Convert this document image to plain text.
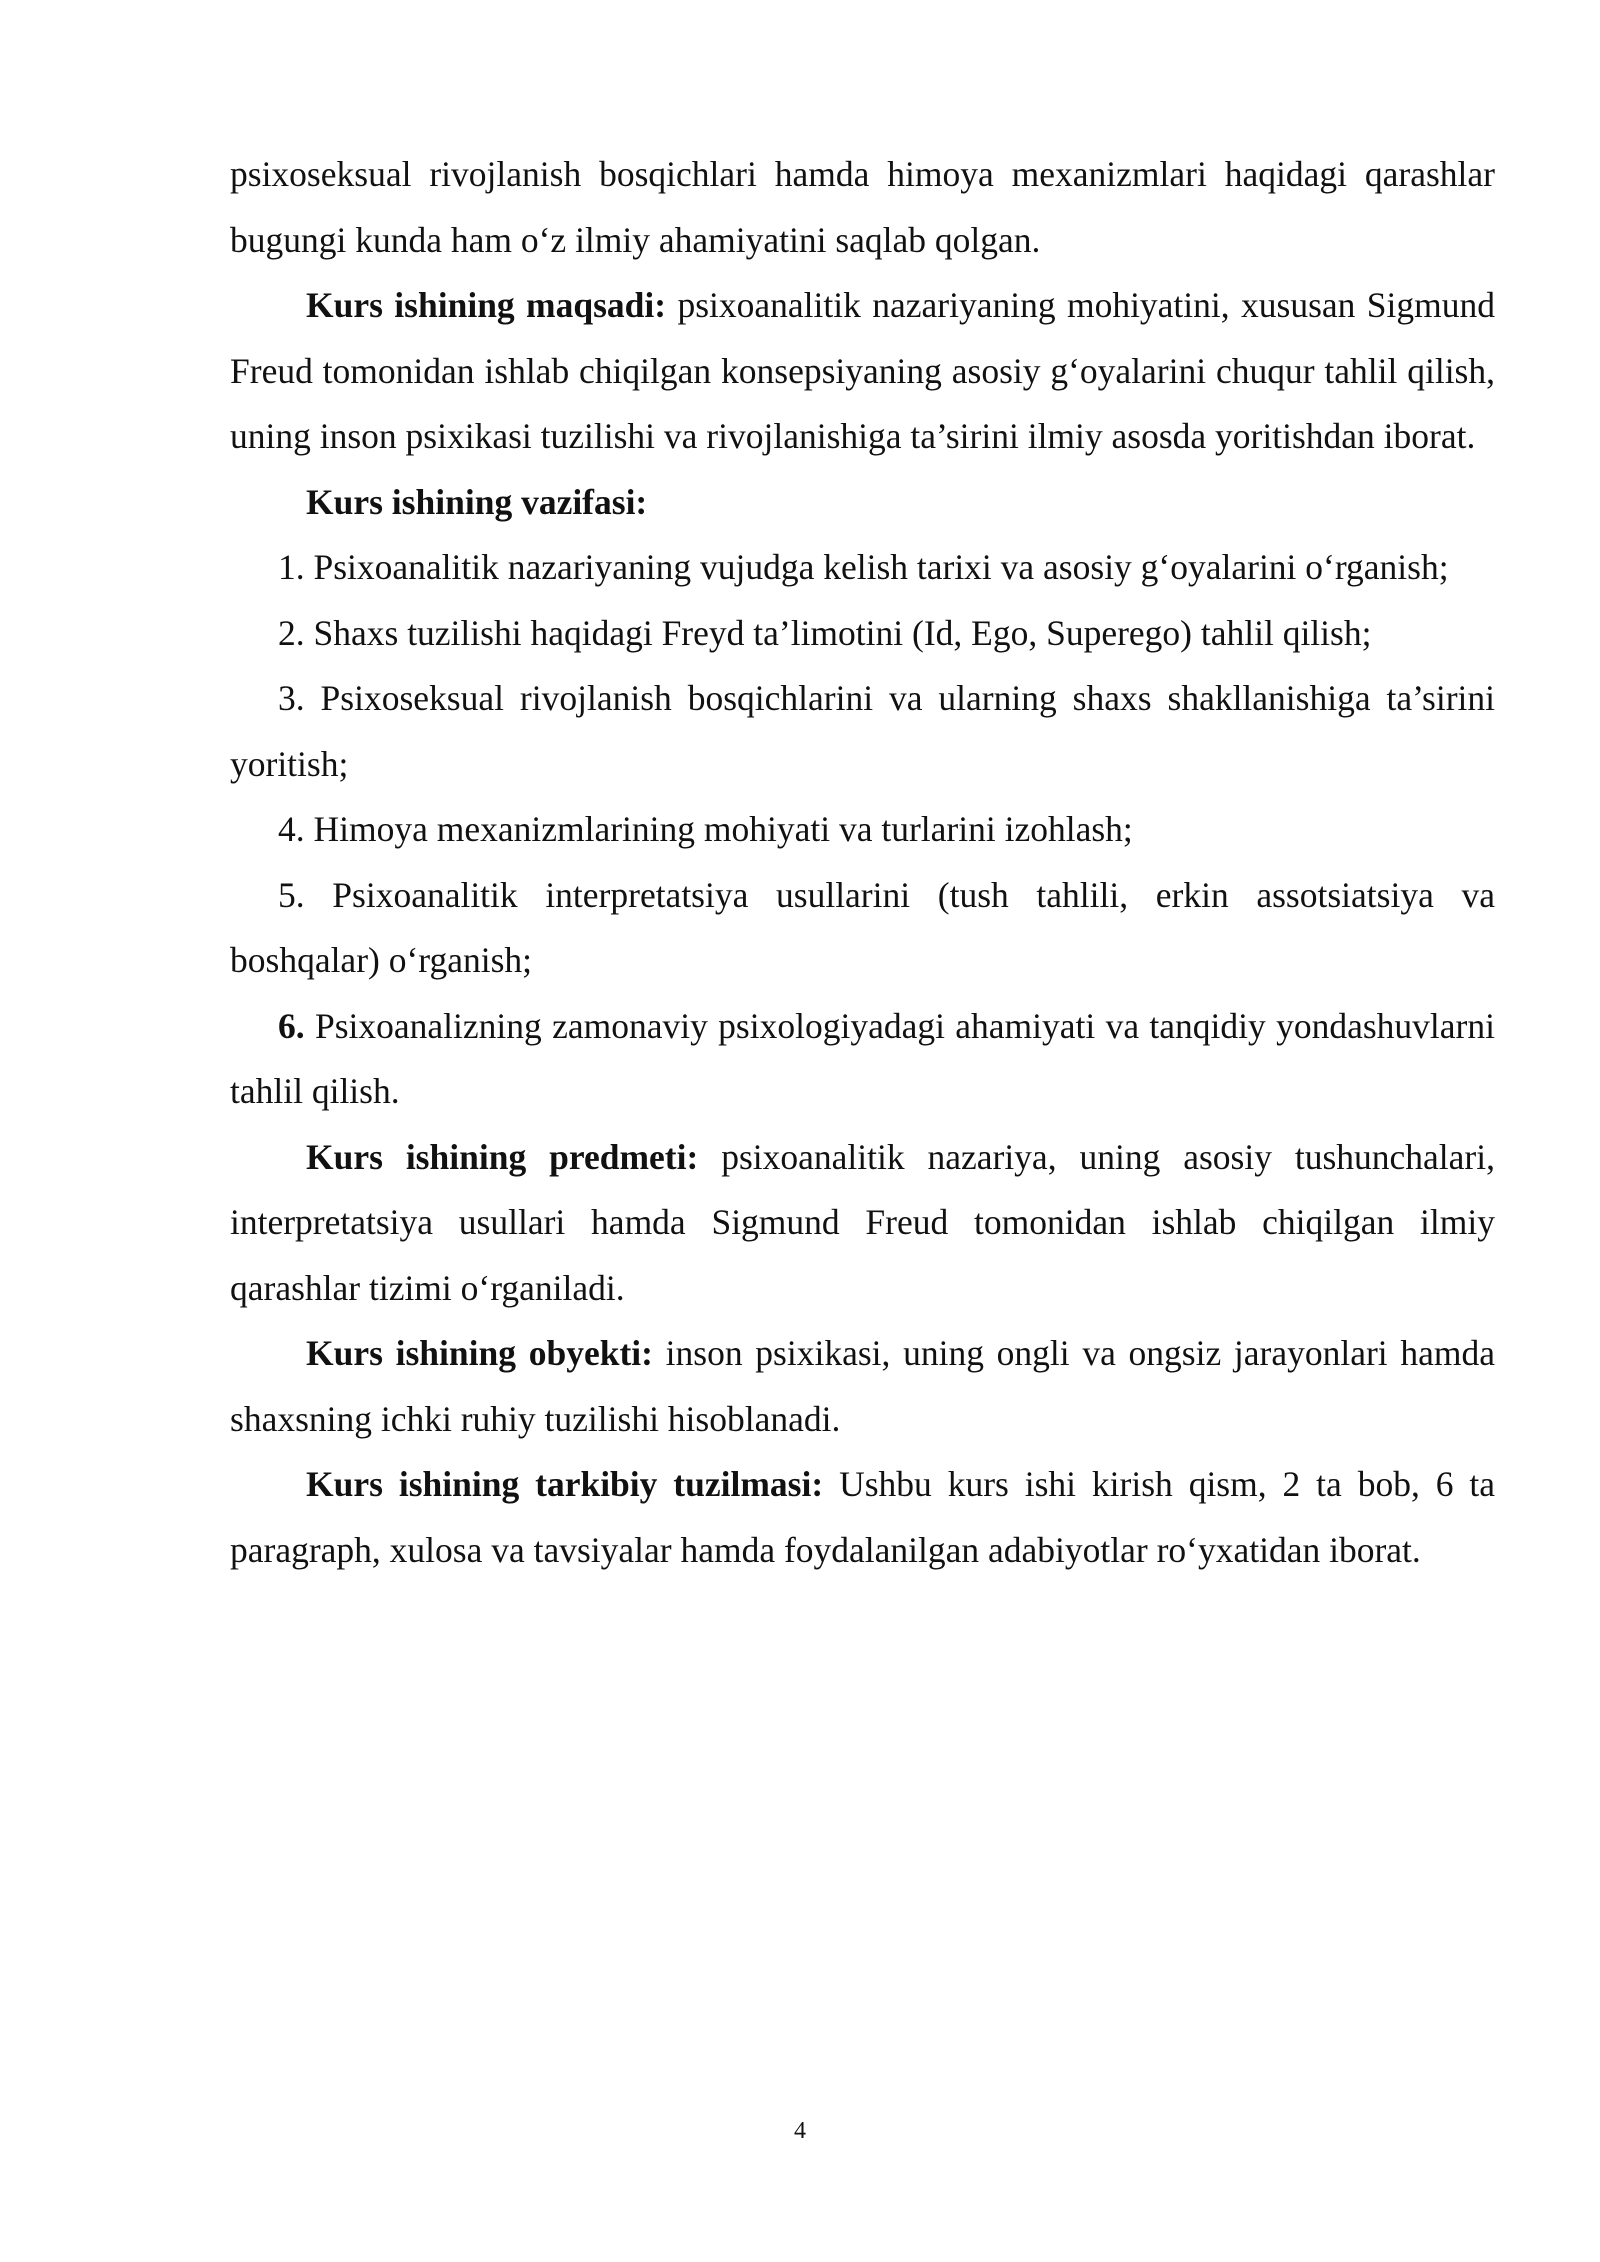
psixoseksual rivojlanish bosqichlari hamda himoya mexanizmlari haqidagi qarashlar bugungi kunda ham o‘z ilmiy ahamiyatini saqlab qolgan.

Kurs ishining maqsadi: psixoanalitik nazariyaning mohiyatini, xususan Sigmund Freud tomonidan ishlab chiqilgan konsepsiyaning asosiy g‘oyalarini chuqur tahlil qilish, uning inson psixikasi tuzilishi va rivojlanishiga ta’sirini ilmiy asosda yoritishdan iborat.

Kurs ishining vazifasi:

1. Psixoanalitik nazariyaning vujudga kelish tarixi va asosiy g‘oyalarini o‘rganish;

2. Shaxs tuzilishi haqidagi Freyd ta’limotini (Id, Ego, Superego) tahlil qilish;

3. Psixoseksual rivojlanish bosqichlarini va ularning shaxs shakllanishiga ta’sirini yoritish;

4. Himoya mexanizmlarining mohiyati va turlarini izohlash;

5. Psixoanalitik interpretatsiya usullarini (tush tahlili, erkin assotsiatsiya va boshqalar) o‘rganish;

6. Psixoanalizning zamonaviy psixologiyadagi ahamiyati va tanqidiy yondashuvlarni tahlil qilish.

Kurs ishining predmeti: psixoanalitik nazariya, uning asosiy tushunchalari, interpretatsiya usullari hamda Sigmund Freud tomonidan ishlab chiqilgan ilmiy qarashlar tizimi o‘rganiladi.

Kurs ishining obyekti: inson psixikasi, uning ongli va ongsiz jarayonlari hamda shaxsning ichki ruhiy tuzilishi hisoblanadi.

Kurs ishining tarkibiy tuzilmasi: Ushbu kurs ishi kirish qism, 2 ta bob, 6 ta paragraph, xulosa va tavsiyalar hamda foydalanilgan adabiyotlar ro‘yxatidan iborat.

4
